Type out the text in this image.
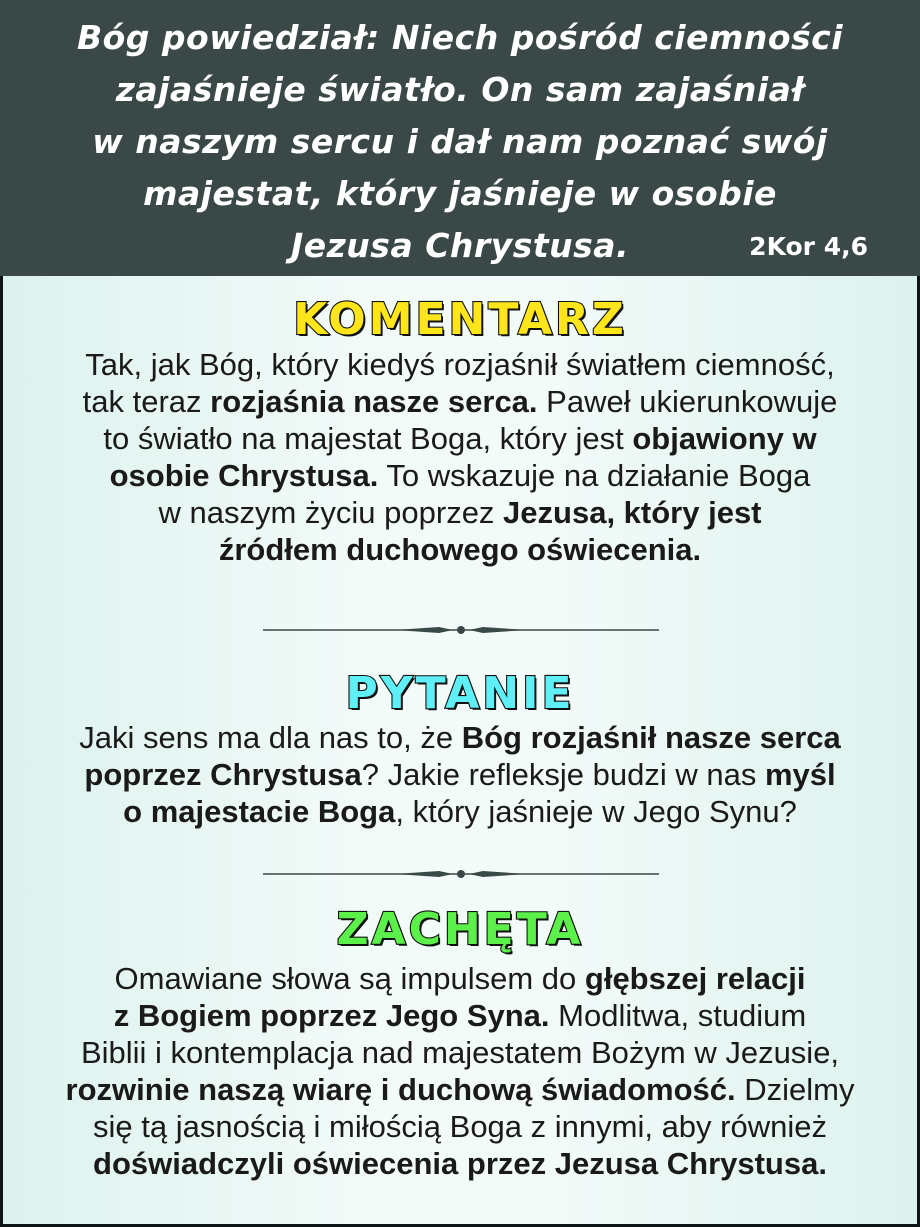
Bóg powiedział: Niech pośród ciemności
zajaśnieje światło. On sam zajaśniał
w naszym sercu i dał nam poznać swój
majestat, który jaśnieje w osobie
Jezusa Chrystusa.	2Kor 4,6
KOMENTARZ
Tak, jak Bóg, który kiedyś rozjaśnił światłem ciemność,
tak teraz rozjaśnia nasze serca. Paweł ukierunkowuje
to światło na majestat Boga, który jest objawiony w
osobie Chrystusa. To wskazuje na działanie Boga
w naszym życiu poprzez Jezusa, który jest
źródłem duchowego oświecenia.
PYTANIE
Jaki sens ma dla nas to, że Bóg rozjaśnił nasze serca
poprzez Chrystusa? Jakie refleksje budzi w nas myśl
o majestacie Boga, który jaśnieje w Jego Synu?
ZACHĘTA
Omawiane słowa są impulsem do głębszej relacji
z Bogiem poprzez Jego Syna. Modlitwa, studium
Biblii i kontemplacja nad majestatem Bożym w Jezusie,
rozwinie naszą wiarę i duchową świadomość. Dzielmy
się tą jasnością i miłością Boga z innymi, aby również
doświadczyli oświecenia przez Jezusa Chrystusa.
